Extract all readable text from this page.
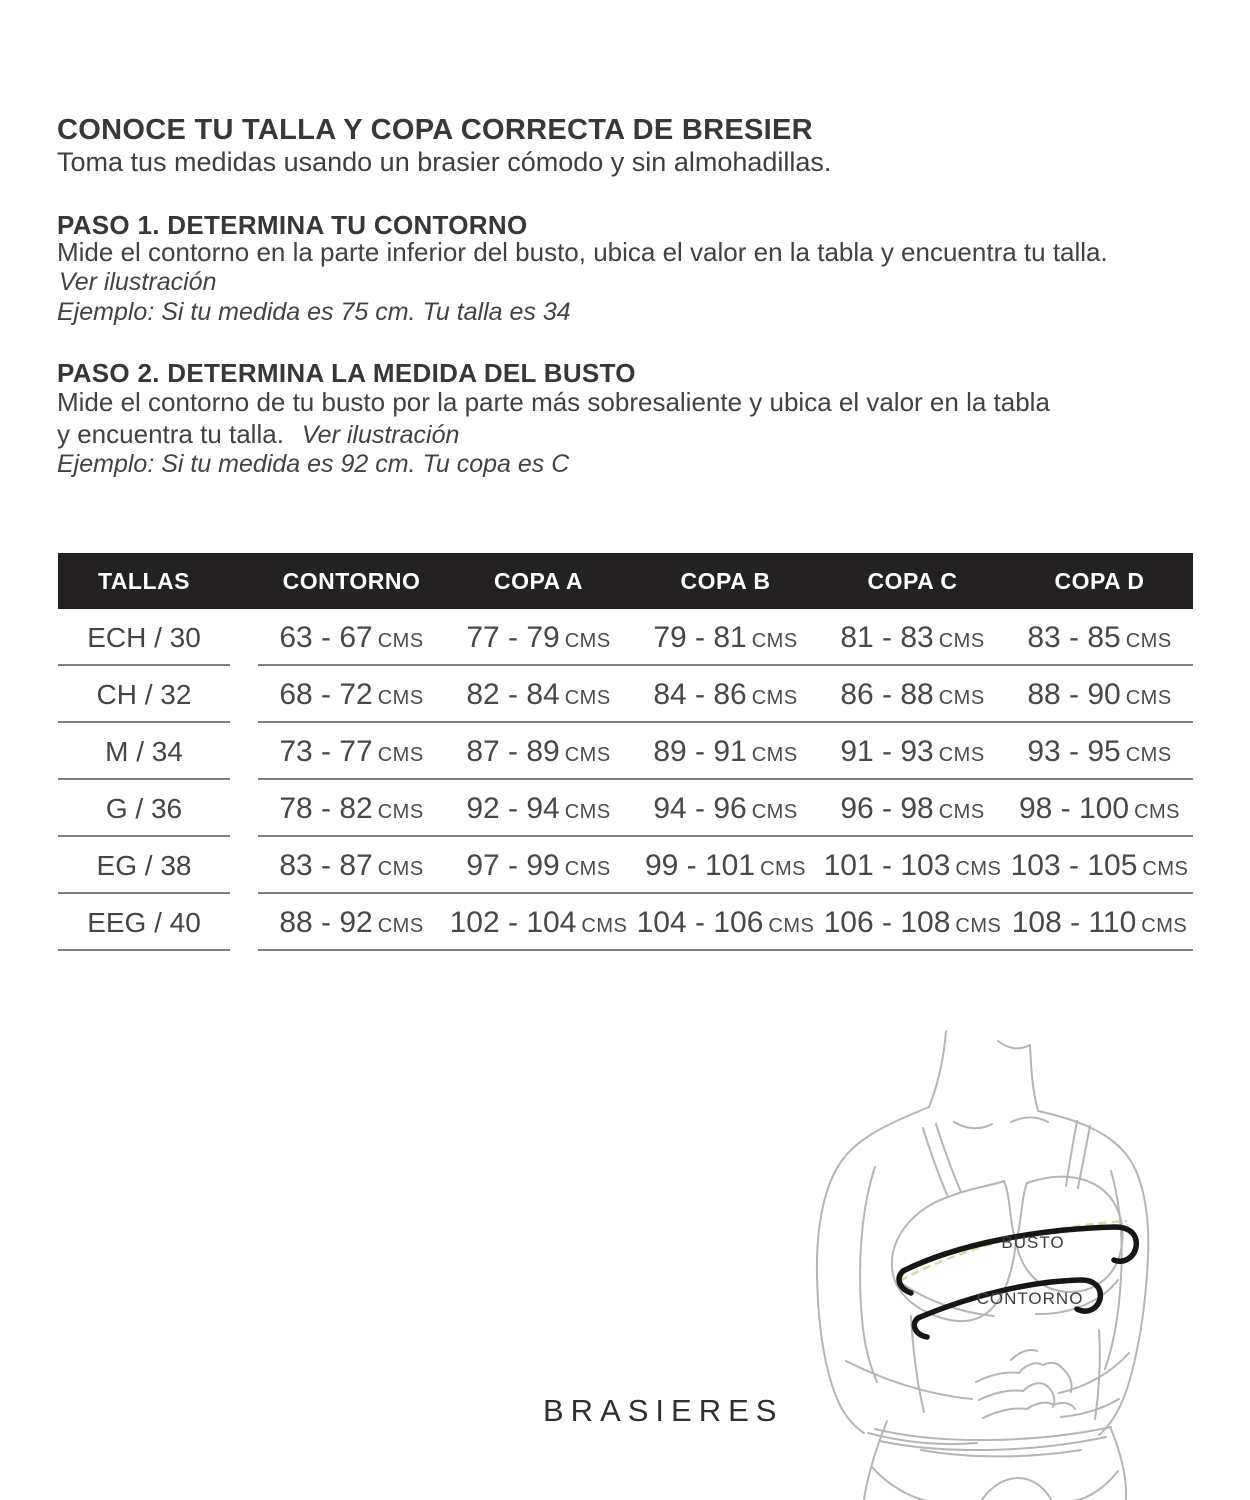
CONOCE TU TALLA Y COPA CORRECTA DE BRESIER

Toma tus medidas usando un brasier cómodo y sin almohadillas.

PASO 1. DETERMINA TU CONTORNO

Mide el contorno en la parte inferior del busto, ubica el valor en la tabla y encuentra tu talla.

Ver ilustración

Ejemplo: Si tu medida es 75 cm. Tu talla es 34

PASO 2. DETERMINA LA MEDIDA DEL BUSTO

Mide el contorno de tu busto por la parte más sobresaliente y ubica el valor en la tabla

y encuentra tu talla. Ver ilustración

Ejemplo: Si tu medida es 92 cm. Tu copa es C

TALLAS	CONTORNO	COPA A	COPA B	COPA C	COPA D
ECH / 30	63 - 67 CMS	77 - 79 CMS	79 - 81 CMS	81 - 83 CMS	83 - 85 CMS
CH / 32	68 - 72 CMS	82 - 84 CMS	84 - 86 CMS	86 - 88 CMS	88 - 90 CMS
M / 34	73 - 77 CMS	87 - 89 CMS	89 - 91 CMS	91 - 93 CMS	93 - 95 CMS
G / 36	78 - 82 CMS	92 - 94 CMS	94 - 96 CMS	96 - 98 CMS	98 - 100 CMS
EG / 38	83 - 87 CMS	97 - 99 CMS	99 - 101 CMS 101 - 103 CMS 103 - 105 CMS
EEG / 40	88 - 92 CMS 102 - 104 CMS 104 - 106 CMS 106 - 108 CMS 108 - 110 CMS
BUSTO
CONTORNO
BRASIERES
